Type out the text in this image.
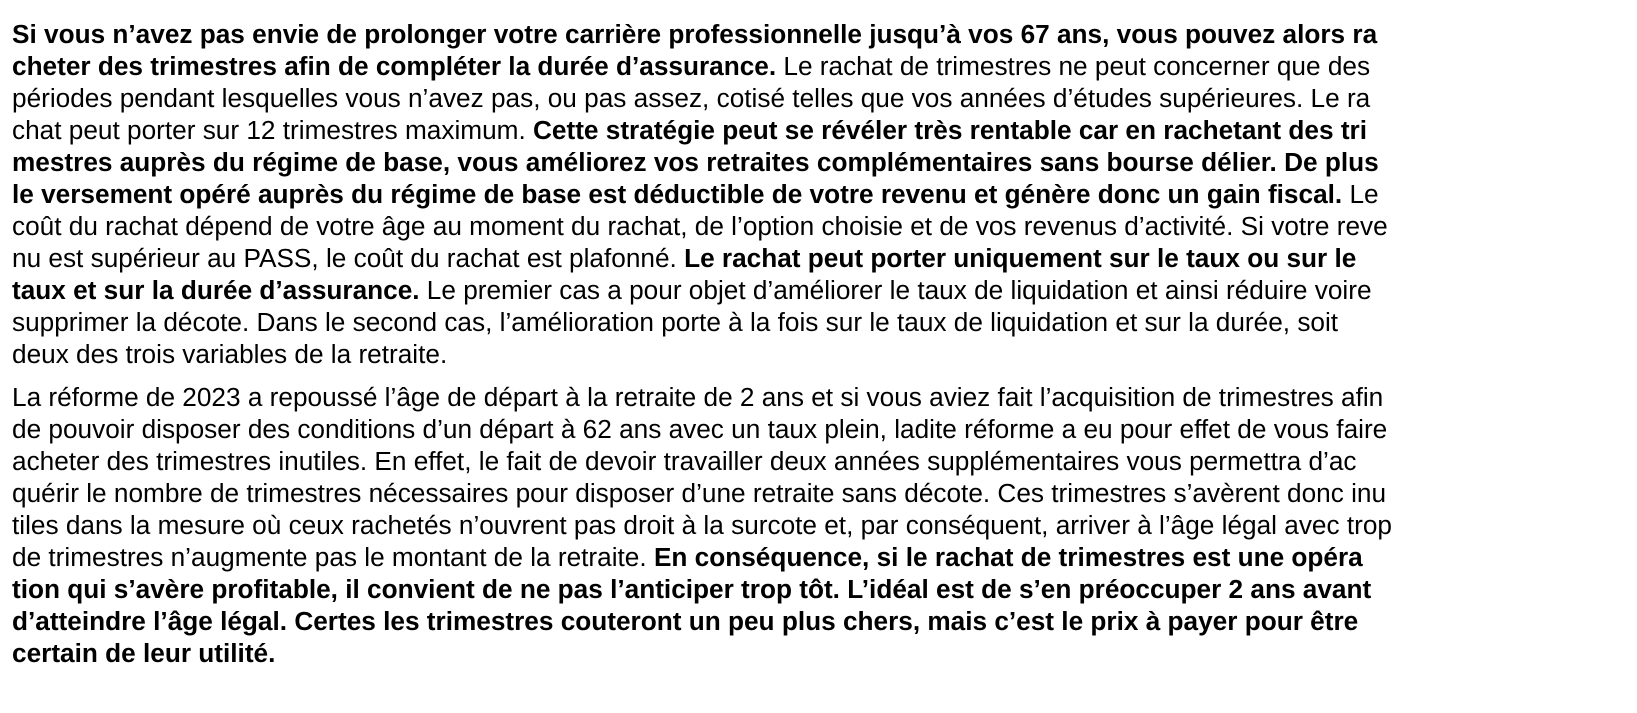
Si vous n’avez pas envie de prolonger votre carrière professionnelle jusqu’à vos 67 ans, vous pouvez alors ra
cheter des trimestres afin de compléter la durée d’assurance. Le rachat de trimestres ne peut concerner que des
périodes pendant lesquelles vous n’avez pas, ou pas assez, cotisé telles que vos années d’études supérieures. Le ra
chat peut porter sur 12 trimestres maximum. Cette stratégie peut se révéler très rentable car en rachetant des tri
mestres auprès du régime de base, vous améliorez vos retraites complémentaires sans bourse délier. De plus
le versement opéré auprès du régime de base est déductible de votre revenu et génère donc un gain fiscal. Le
coût du rachat dépend de votre âge au moment du rachat, de l’option choisie et de vos revenus d’activité. Si votre reve
nu est supérieur au PASS, le coût du rachat est plafonné. Le rachat peut porter uniquement sur le taux ou sur le
taux et sur la durée d’assurance. Le premier cas a pour objet d’améliorer le taux de liquidation et ainsi réduire voire
supprimer la décote. Dans le second cas, l’amélioration porte à la fois sur le taux de liquidation et sur la durée, soit
deux des trois variables de la retraite.
La réforme de 2023 a repoussé l’âge de départ à la retraite de 2 ans et si vous aviez fait l’acquisition de trimestres afin
de pouvoir disposer des conditions d’un départ à 62 ans avec un taux plein, ladite réforme a eu pour effet de vous faire
acheter des trimestres inutiles. En effet, le fait de devoir travailler deux années supplémentaires vous permettra d’ac
quérir le nombre de trimestres nécessaires pour disposer d’une retraite sans décote. Ces trimestres s’avèrent donc inu
tiles dans la mesure où ceux rachetés n’ouvrent pas droit à la surcote et, par conséquent, arriver à l’âge légal avec trop
de trimestres n’augmente pas le montant de la retraite. En conséquence, si le rachat de trimestres est une opéra
tion qui s’avère profitable, il convient de ne pas l’anticiper trop tôt. L’idéal est de s’en préoccuper 2 ans avant
d’atteindre l’âge légal. Certes les trimestres couteront un peu plus chers, mais c’est le prix à payer pour être
certain de leur utilité.
